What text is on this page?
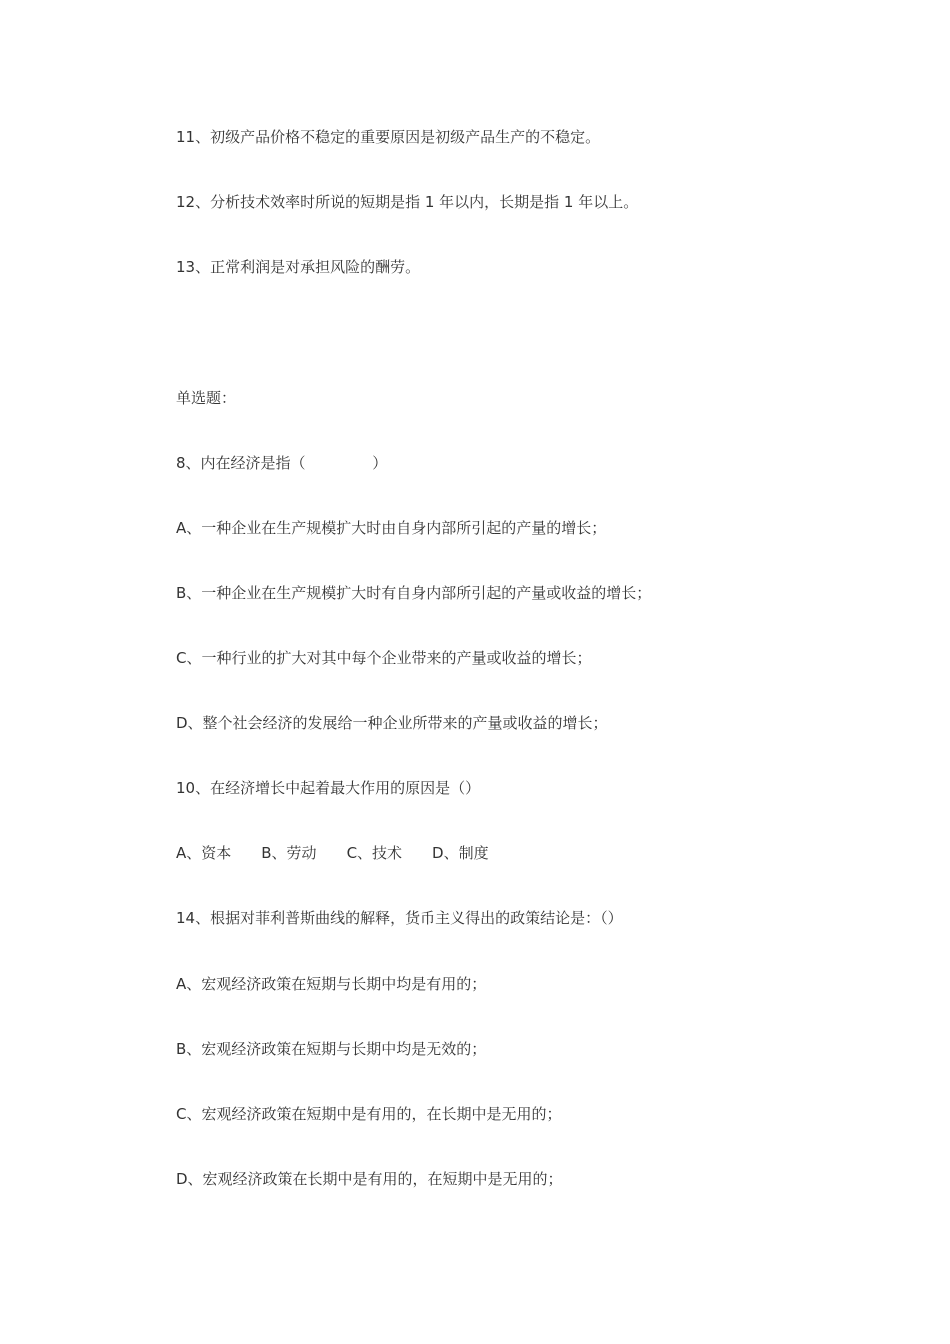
11、初级产品价格不稳定的重要原因是初级产品生产的不稳定。

12、分析技术效率时所说的短期是指 1 年以内，长期是指 1 年以上。

13、正常利润是对承担风险的酬劳。

单选题：

8、内在经济是指（              ）

A、一种企业在生产规模扩大时由自身内部所引起的产量的增长；

B、一种企业在生产规模扩大时有自身内部所引起的产量或收益的增长；

C、一种行业的扩大对其中每个企业带来的产量或收益的增长；

D、整个社会经济的发展给一种企业所带来的产量或收益的增长；

10、在经济增长中起着最大作用的原因是（）

A、资本 B、劳动 C、技术 D、制度

14、根据对菲利普斯曲线的解释，货币主义得出的政策结论是：（）

A、宏观经济政策在短期与长期中均是有用的；

B、宏观经济政策在短期与长期中均是无效的；

C、宏观经济政策在短期中是有用的，在长期中是无用的；

D、宏观经济政策在长期中是有用的，在短期中是无用的；
